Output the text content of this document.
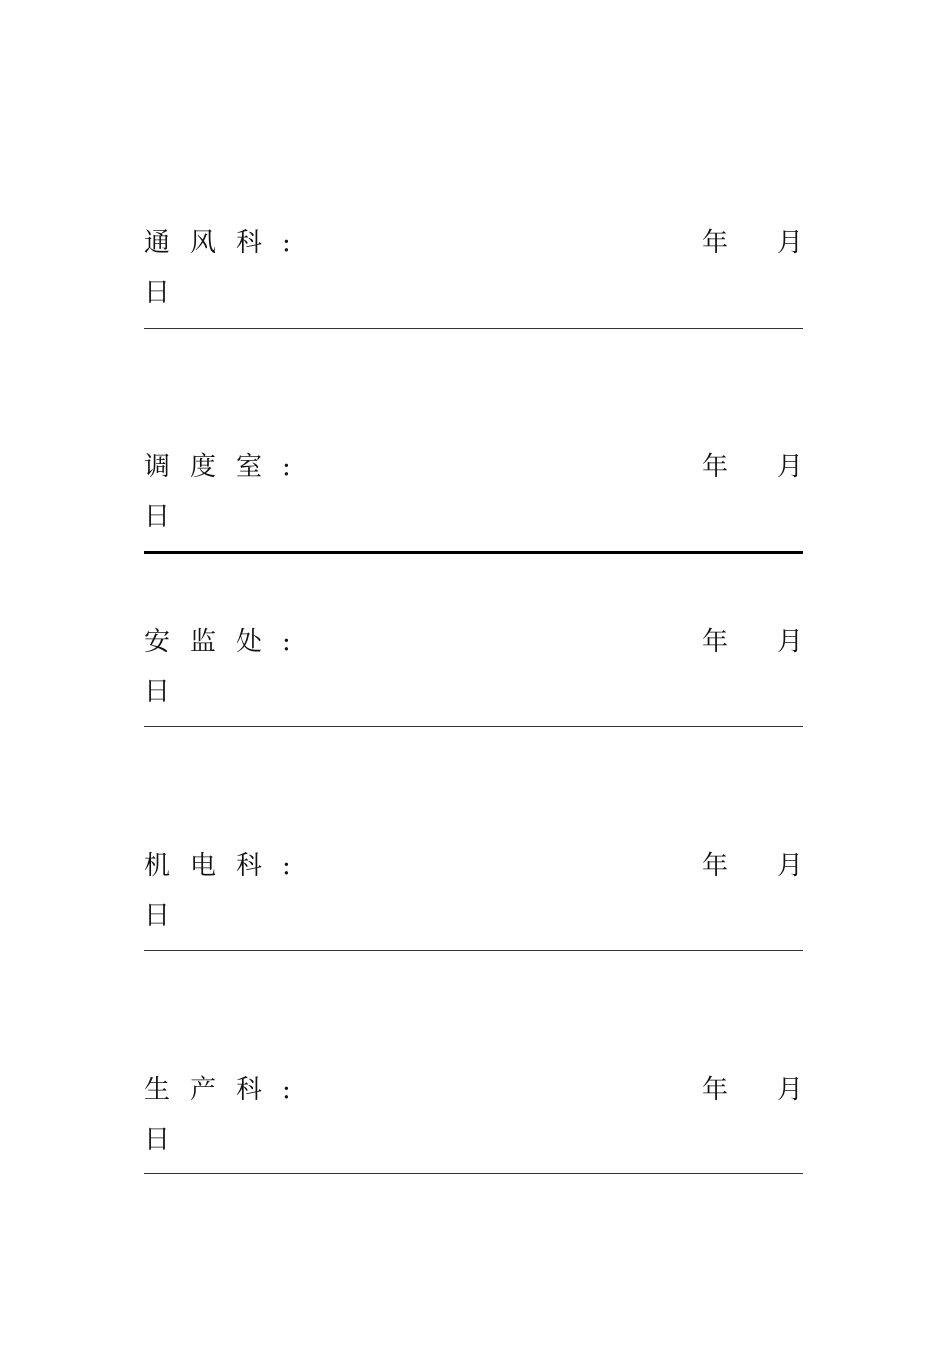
通风科:	年 月
日
调度室:	年 月
日
安监处:	年 月
日
机电科:	年 月
日
生产科:	年 月
日
